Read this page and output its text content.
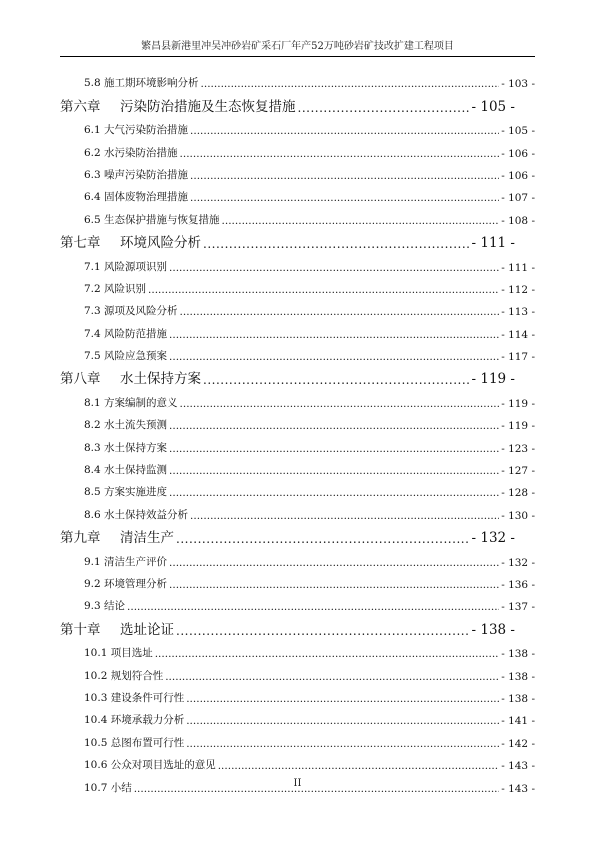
繁昌县新港里冲吴冲砂岩矿采石厂年产52万吨砂岩矿技改扩建工程项目
5.8 施工期环境影响分析 .....	- 103 -
第六章 污染防治措施及生态恢复措施 .....	- 105 -
6.1 大气污染防治措施 .....	- 105 -
6.2 水污染防治措施 .....	- 106 -
6.3 噪声污染防治措施 .....	- 106 -
6.4 固体废物治理措施 .....	- 107 -
6.5 生态保护措施与恢复措施 .....	- 108 -
第七章 环境风险分析 .....	- 111 -
7.1 风险源项识别 .....	- 111 -
7.2 风险识别 .....	- 112 -
7.3 源项及风险分析 .....	- 113 -
7.4 风险防范措施 .....	- 114 -
7.5 风险应急预案 .....	- 117 -
第八章 水土保持方案 .....	- 119 -
8.1 方案编制的意义 .....	- 119 -
8.2 水土流失预测 .....	- 119 -
8.3 水土保持方案 .....	- 123 -
8.4 水土保持监测 .....	- 127 -
8.5 方案实施进度 .....	- 128 -
8.6 水土保持效益分析 .....	- 130 -
第九章 清洁生产 .....	- 132 -
9.1 清洁生产评价 .....	- 132 -
9.2 环境管理分析 .....	- 136 -
9.3 结论 .....	- 137 -
第十章 选址论证 .....	- 138 -
10.1 项目选址 .....	- 138 -
10.2 规划符合性 .....	- 138 -
10.3 建设条件可行性 .....	- 138 -
10.4 环境承载力分析 .....	- 141 -
10.5 总图布置可行性 .....	- 142 -
10.6 公众对项目选址的意见 .....	- 143 -
10.7 小结 .....	- 143 -
II
